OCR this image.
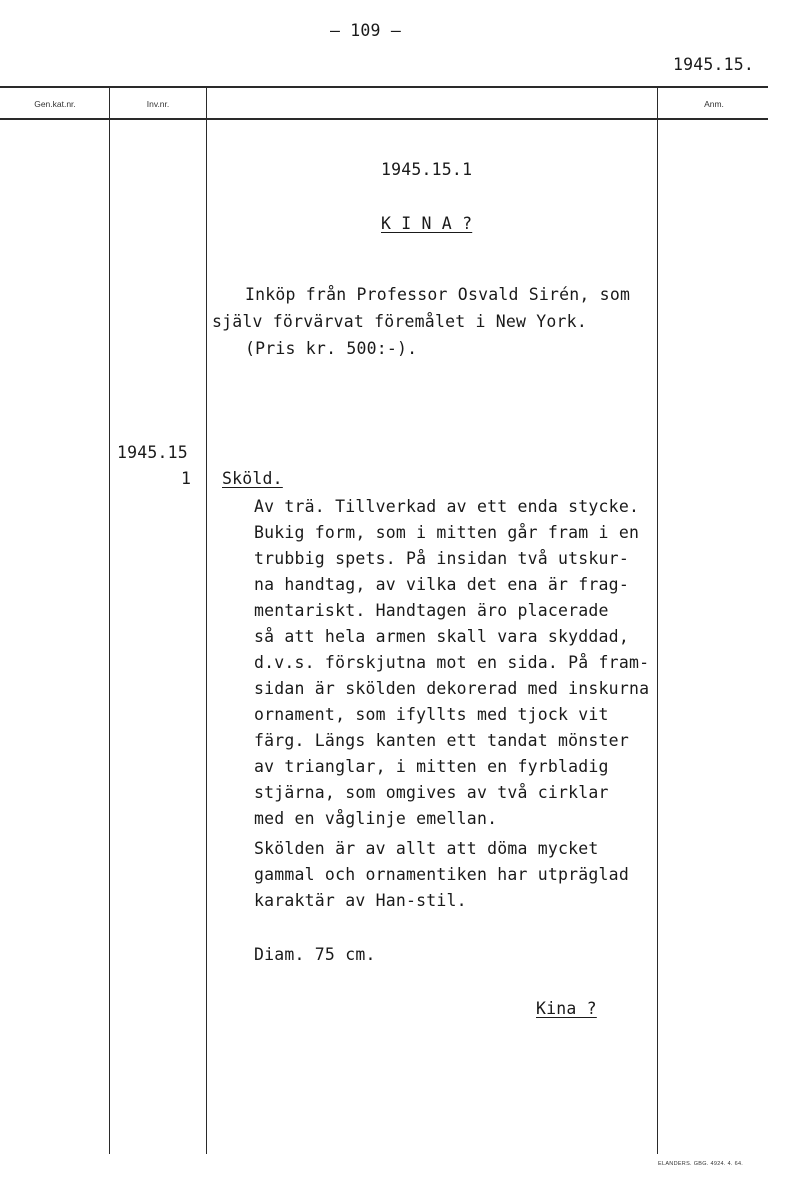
– 109 –
1945.15.
Gen.kat.nr.	Inv.nr.	Anm.
1945.15.1
K I N A ?
Inköp från Professor Osvald Sirén, som
själv förvärvat föremålet i New York.
(Pris kr. 500:-).
1945.15
1 Sköld.
Av trä. Tillverkad av ett enda stycke.
Bukig form, som i mitten går fram i en
trubbig spets. På insidan två utskur-
na handtag, av vilka det ena är frag-
mentariskt. Handtagen äro placerade
så att hela armen skall vara skyddad,
d.v.s. förskjutna mot en sida. På fram-
sidan är skölden dekorerad med inskurna
ornament, som ifyllts med tjock vit
färg. Längs kanten ett tandat mönster
av trianglar, i mitten en fyrbladig
stjärna, som omgives av två cirklar
med en våglinje emellan.
Skölden är av allt att döma mycket
gammal och ornamentiken har utpräglad
karaktär av Han-stil.
Diam. 75 cm.
Kina ?
ELANDERS. GBG. 4924. 4. 64.
